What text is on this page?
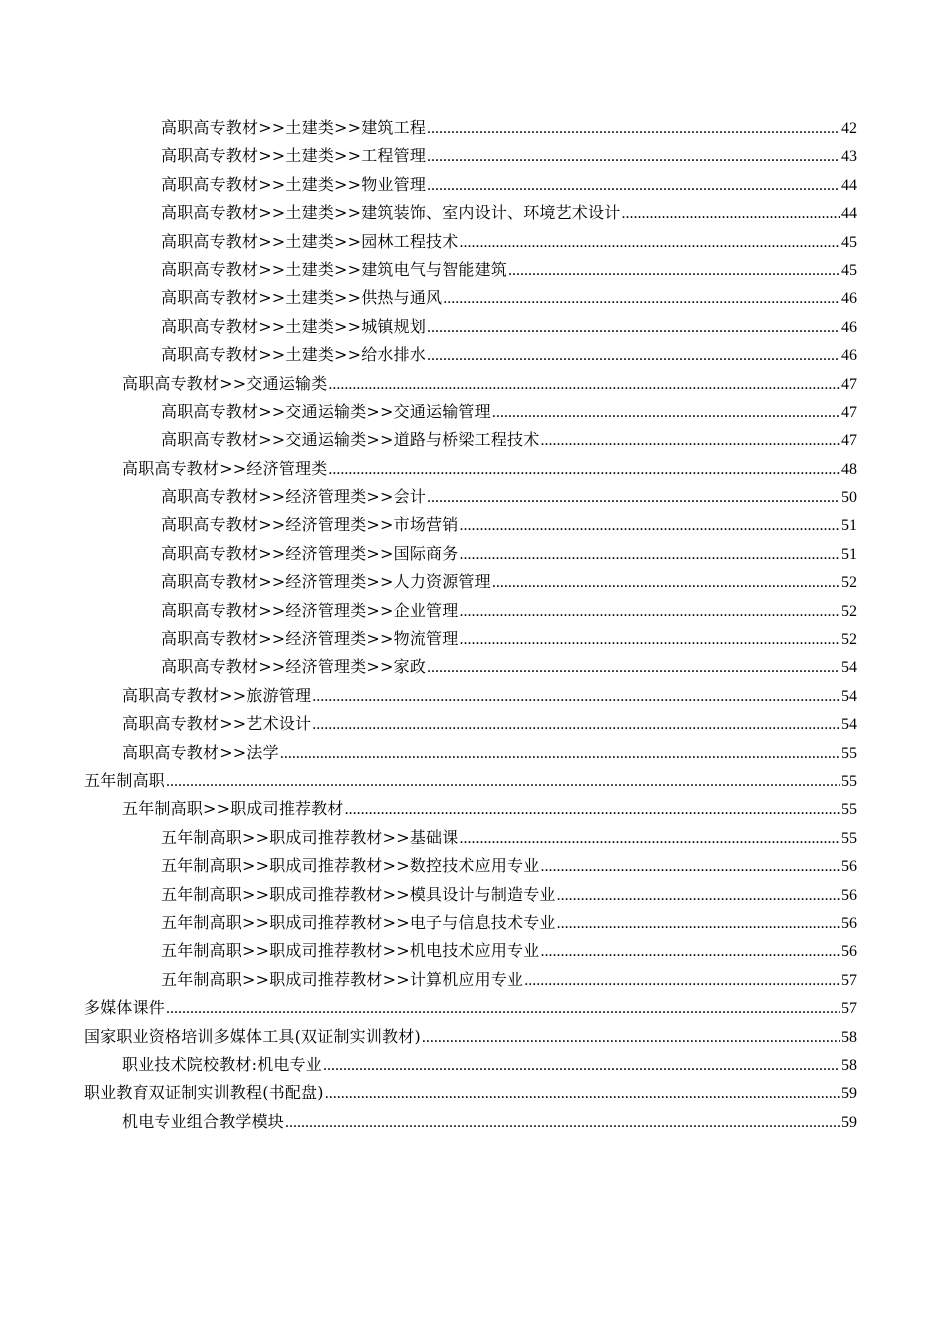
高职高专教材>>土建类>>建筑工程 .....	42
高职高专教材>>土建类>>工程管理 .....	43
高职高专教材>>土建类>>物业管理 .....	44
高职高专教材>>土建类>>建筑装饰、室内设计、环境艺术设计 .....	44
高职高专教材>>土建类>>园林工程技术 .....	45
高职高专教材>>土建类>>建筑电气与智能建筑 .....	45
高职高专教材>>土建类>>供热与通风 .....	46
高职高专教材>>土建类>>城镇规划 .....	46
高职高专教材>>土建类>>给水排水 .....	46
高职高专教材>>交通运输类 .....	47
高职高专教材>>交通运输类>>交通运输管理 .....	47
高职高专教材>>交通运输类>>道路与桥梁工程技术 .....	47
高职高专教材>>经济管理类 .....	48
高职高专教材>>经济管理类>>会计 .....	50
高职高专教材>>经济管理类>>市场营销 .....	51
高职高专教材>>经济管理类>>国际商务 .....	51
高职高专教材>>经济管理类>>人力资源管理 .....	52
高职高专教材>>经济管理类>>企业管理 .....	52
高职高专教材>>经济管理类>>物流管理 .....	52
高职高专教材>>经济管理类>>家政 .....	54
高职高专教材>>旅游管理 .....	54
高职高专教材>>艺术设计 .....	54
高职高专教材>>法学 .....	55
五年制高职 .....	55
五年制高职>>职成司推荐教材 .....	55
五年制高职>>职成司推荐教材>>基础课 .....	55
五年制高职>>职成司推荐教材>>数控技术应用专业 .....	56
五年制高职>>职成司推荐教材>>模具设计与制造专业 .....	56
五年制高职>>职成司推荐教材>>电子与信息技术专业 .....	56
五年制高职>>职成司推荐教材>>机电技术应用专业 .....	56
五年制高职>>职成司推荐教材>>计算机应用专业 .....	57
多媒体课件 .....	57
国家职业资格培训多媒体工具(双证制实训教材) .....	58
职业技术院校教材:机电专业 .....	58
职业教育双证制实训教程(书配盘) .....	59
机电专业组合教学模块 .....	59
